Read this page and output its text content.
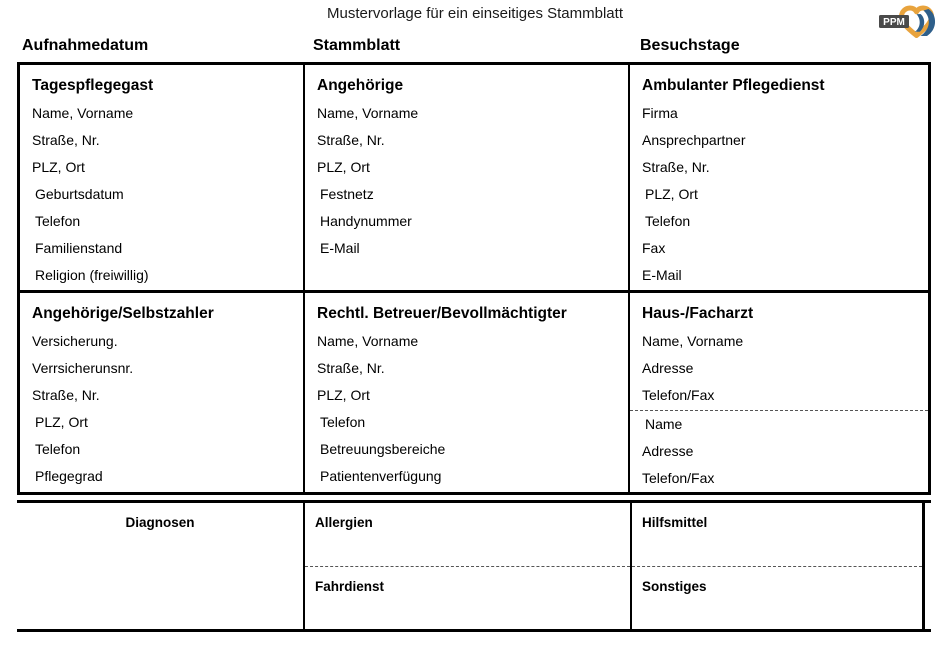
Mustervorlage für ein einseitiges Stammblatt
PPM
Aufnahmedatum	Stammblatt	Besuchstage
Tagespflegegast
Name, Vorname
Straße, Nr.
PLZ, Ort
Geburtsdatum
Telefon
Familienstand
Religion (freiwillig)
Angehörige
Name, Vorname
Straße, Nr.
PLZ, Ort
Festnetz
Handynummer
E-Mail
Ambulanter Pflegedienst
Firma
Ansprechpartner
Straße, Nr.
PLZ, Ort
Telefon
Fax
E-Mail
Angehörige/Selbstzahler
Versicherung.
Verrsicherunsnr.
Straße, Nr.
PLZ, Ort
Telefon
Pflegegrad
Rechtl. Betreuer/Bevollmächtigter
Name, Vorname
Straße, Nr.
PLZ, Ort
Telefon
Betreuungsbereiche
Patientenverfügung
Haus-/Facharzt
Name, Vorname
Adresse
Telefon/Fax
Name
Adresse
Telefon/Fax
Diagnosen	Allergien
Fahrdienst
Hilfsmittel
Sonstiges
